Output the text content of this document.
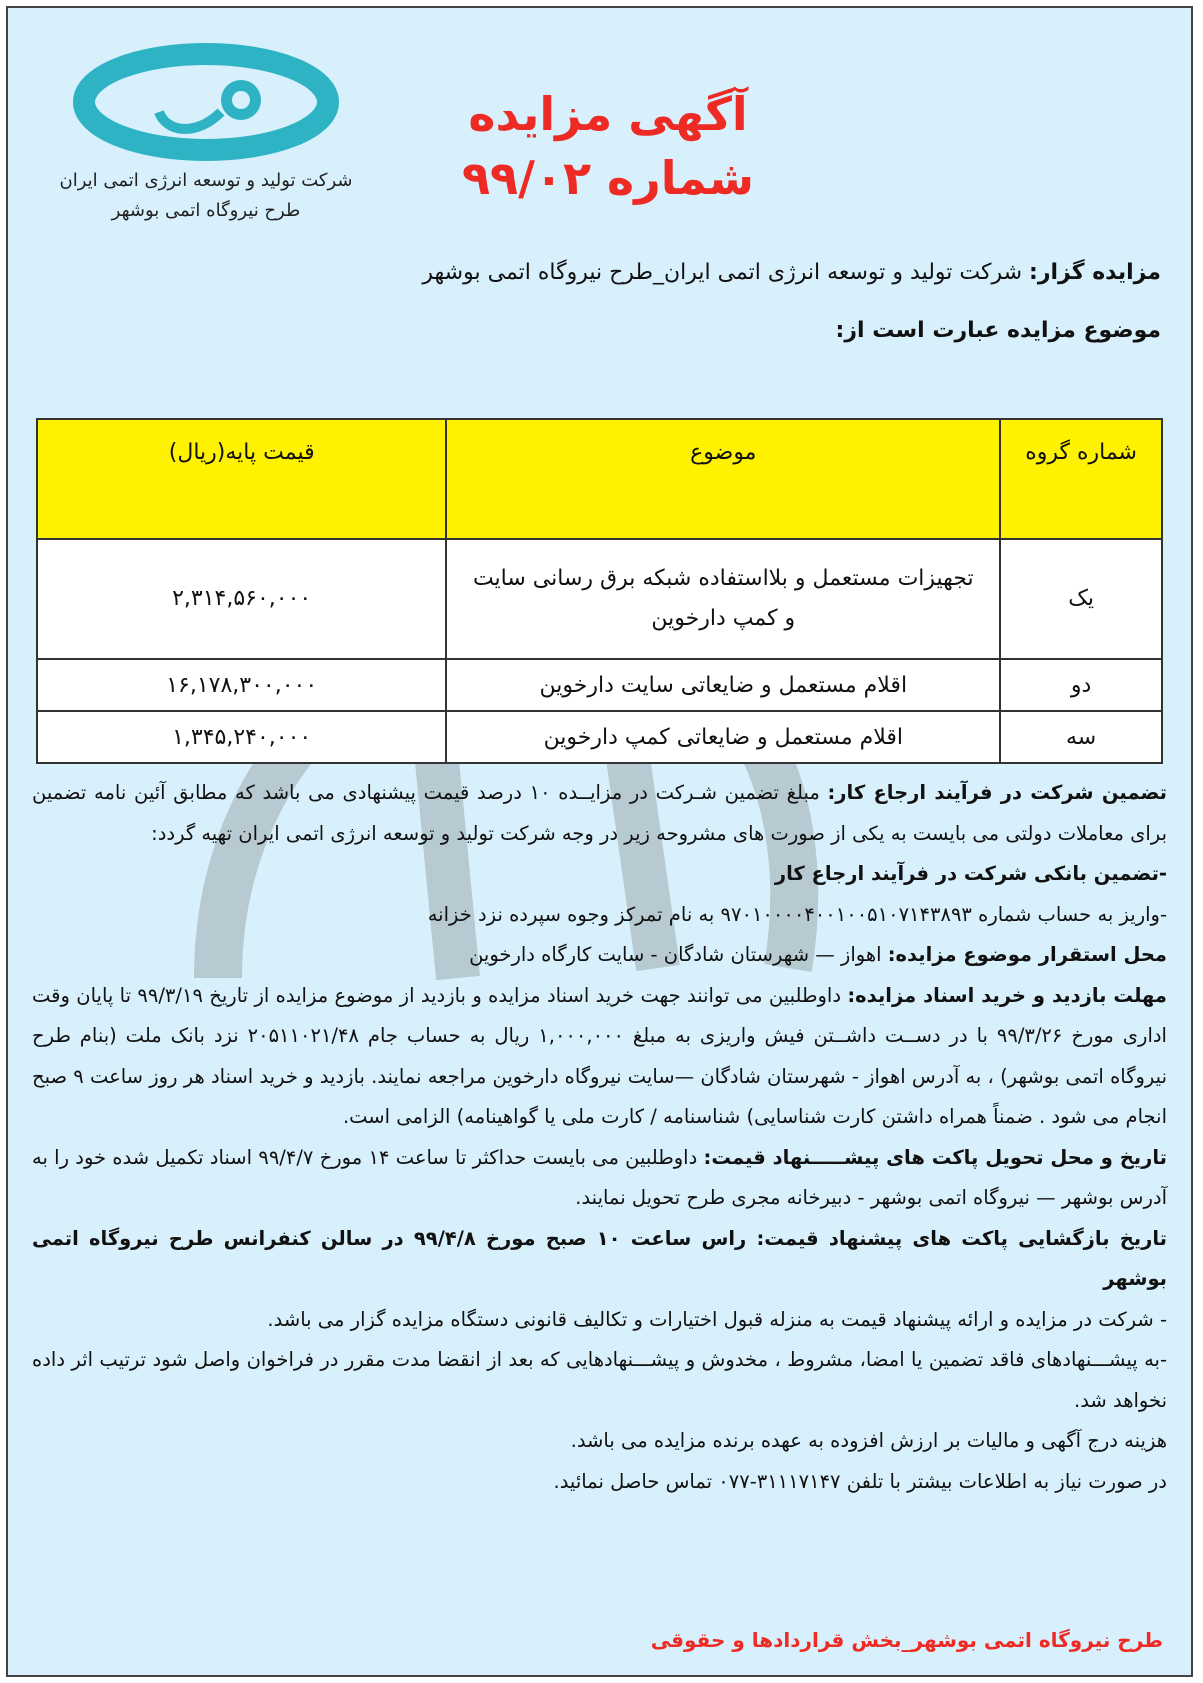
شرکت تولید و توسعه انرژی اتمی ایران
طرح نیروگاه اتمی بوشهر
آگهی مزایده
شماره ۹۹/۰۲
مزایده گزار: شرکت تولید و توسعه انرژی اتمی ایران_طرح نیروگاه اتمی بوشهر
موضوع مزایده عبارت است از:
شماره گروه	موضوع	قیمت پایه(ریال)
یک	تجهیزات مستعمل و بلااستفاده شبکه برق رسانی سایت
و کمپ دارخوین	۲,۳۱۴,۵۶۰,۰۰۰
دو	اقلام مستعمل و ضایعاتی سایت دارخوین	۱۶,۱۷۸,۳۰۰,۰۰۰
سه	اقلام مستعمل و ضایعاتی کمپ دارخوین	۱,۳۴۵,۲۴۰,۰۰۰

تضمین شرکت در فرآیند ارجاع کار: مبلغ تضمین شـرکت در مزایــده ۱۰ درصد قیمت پیشنهادی می باشد که مطابق آئین نامه تضمین برای معاملات دولتی می بایست به یکی از صورت های مشروحه زیر در وجه شرکت تولید و توسعه انرژی اتمی ایران تهیه گردد:

-تضمین بانکی شرکت در فرآیند ارجاع کار

-واریز به حساب شماره ۹۷۰۱۰۰۰۰۴۰۰۱۰۰۵۱۰۷۱۴۳۸۹۳ به نام تمرکز وجوه سپرده نزد خزانه

محل استقرار موضوع مزایده: اهواز — شهرستان شادگان - سایت کارگاه دارخوین

مهلت بازدید و خرید اسناد مزایده: داوطلبین می توانند جهت خرید اسناد مزایده و بازدید از موضوع مزایده از تاریخ ۹۹/۳/۱۹ تا پایان وقت اداری مورخ ۹۹/۳/۲۶ با در دســت داشــتن فیش واریزی به مبلغ ۱,۰۰۰,۰۰۰ ریال به حساب جام ۲۰۵۱۱۰۲۱/۴۸ نزد بانک ملت (بنام طرح نیروگاه اتمی بوشهر) ، به آدرس اهواز - شهرستان شادگان —سایت نیروگاه دارخوین مراجعه نمایند. بازدید و خرید اسناد هر روز ساعت ۹ صبح انجام می شود . ضمناً همراه داشتن کارت شناسایی) شناسنامه / کارت ملی یا گواهینامه) الزامی است.

تاریخ و محل تحویل پاکت های پیشـــــنهاد قیمت: داوطلبین می بایست حداکثر تا ساعت ۱۴ مورخ ۹۹/۴/۷ اسناد تکمیل شده خود را به آدرس بوشهر — نیروگاه اتمی بوشهر - دبیرخانه مجری طرح تحویل نمایند.

تاریخ بازگشایی پاکت های پیشنهاد قیمت: راس ساعت ۱۰ صبح مورخ ۹۹/۴/۸ در سالن کنفرانس طرح نیروگاه اتمی بوشهر

- شرکت در مزایده و ارائه پیشنهاد قیمت به منزله قبول اختیارات و تکالیف قانونی دستگاه مزایده گزار می باشد.

-به پیشـــنهادهای فاقد تضمین یا امضا، مشروط ، مخدوش و پیشـــنهادهایی که بعد از انقضا مدت مقرر در فراخوان واصل شود ترتیب اثر داده نخواهد شد.

هزینه درج آگهی و مالیات بر ارزش افزوده به عهده برنده مزایده می باشد.

در صورت نیاز به اطلاعات بیشتر با تلفن ۳۱۱۱۷۱۴۷-۰۷۷ تماس حاصل نمائید.

طرح نیروگاه اتمی بوشهر_بخش قراردادها و حقوقی
